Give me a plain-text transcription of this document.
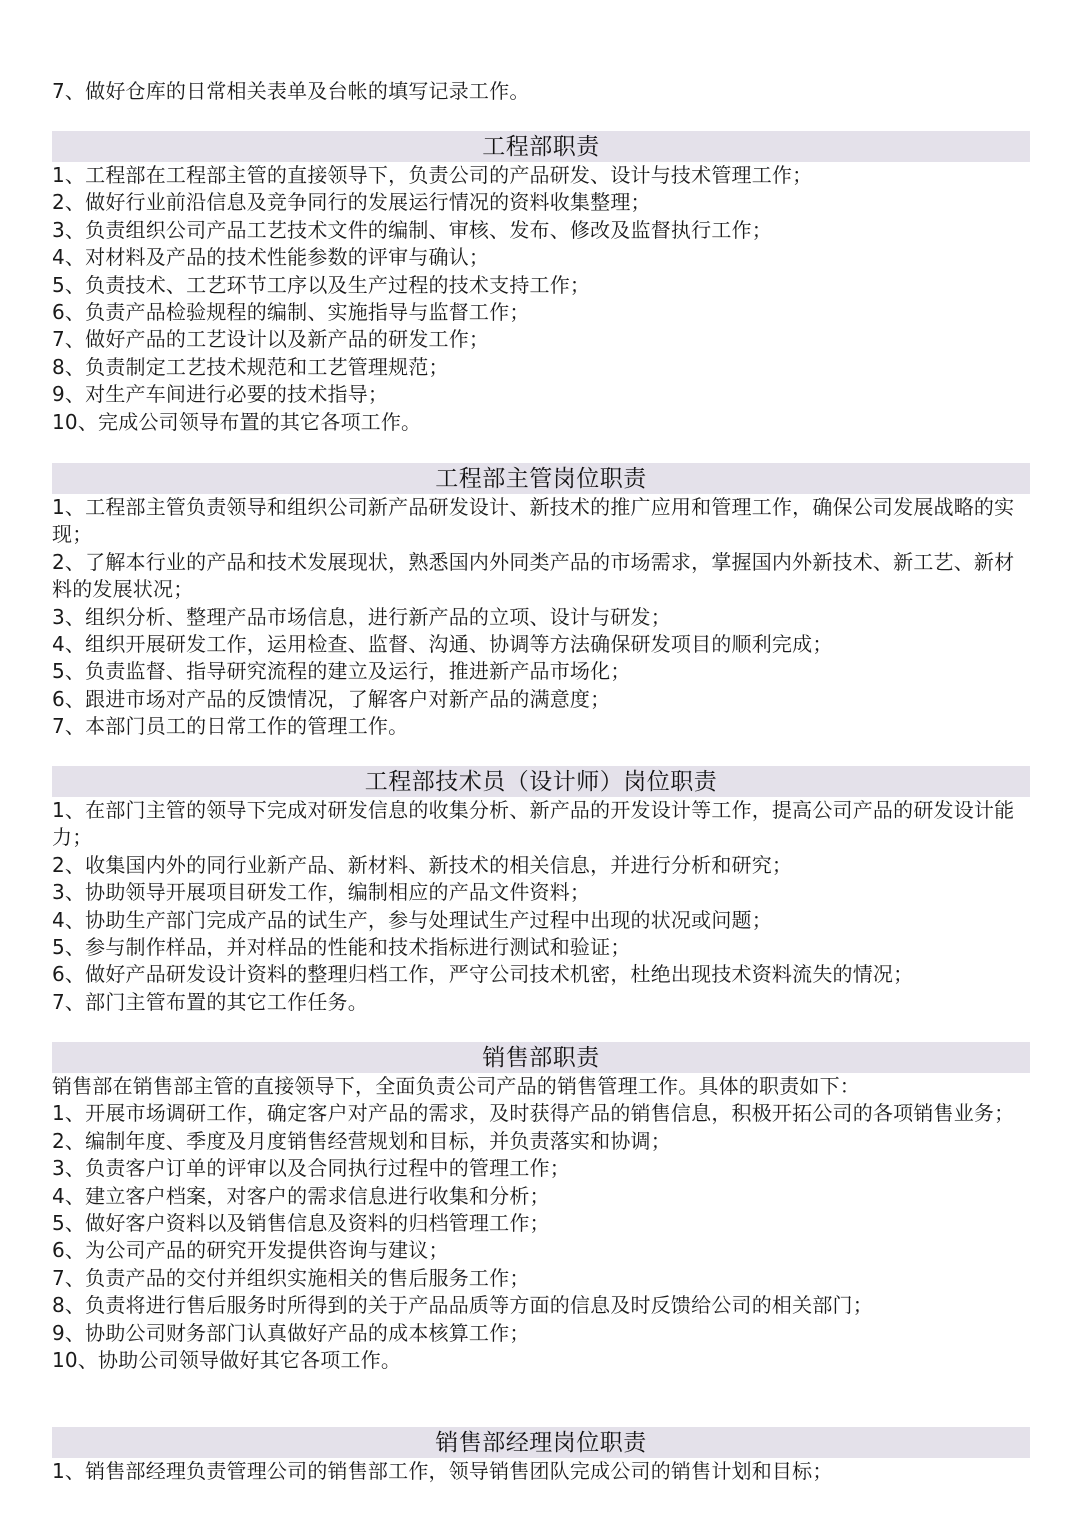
7、做好仓库的日常相关表单及台帐的填写记录工作。
工程部职责
1、工程部在工程部主管的直接领导下，负责公司的产品研发、设计与技术管理工作；
2、做好行业前沿信息及竞争同行的发展运行情况的资料收集整理；
3、负责组织公司产品工艺技术文件的编制、审核、发布、修改及监督执行工作；
4、对材料及产品的技术性能参数的评审与确认；
5、负责技术、工艺环节工序以及生产过程的技术支持工作；
6、负责产品检验规程的编制、实施指导与监督工作；
7、做好产品的工艺设计以及新产品的研发工作；
8、负责制定工艺技术规范和工艺管理规范；
9、对生产车间进行必要的技术指导；
10、完成公司领导布置的其它各项工作。
工程部主管岗位职责
1、工程部主管负责领导和组织公司新产品研发设计、新技术的推广应用和管理工作，确保公司发展战略的实现；
2、了解本行业的产品和技术发展现状，熟悉国内外同类产品的市场需求，掌握国内外新技术、新工艺、新材料的发展状况；
3、组织分析、整理产品市场信息，进行新产品的立项、设计与研发；
4、组织开展研发工作，运用检查、监督、沟通、协调等方法确保研发项目的顺利完成；
5、负责监督、指导研究流程的建立及运行，推进新产品市场化；
6、跟进市场对产品的反馈情况，了解客户对新产品的满意度；
7、本部门员工的日常工作的管理工作。
工程部技术员（设计师）岗位职责
1、在部门主管的领导下完成对研发信息的收集分析、新产品的开发设计等工作，提高公司产品的研发设计能力；
2、收集国内外的同行业新产品、新材料、新技术的相关信息，并进行分析和研究；
3、协助领导开展项目研发工作，编制相应的产品文件资料；
4、协助生产部门完成产品的试生产，参与处理试生产过程中出现的状况或问题；
5、参与制作样品，并对样品的性能和技术指标进行测试和验证；
6、做好产品研发设计资料的整理归档工作，严守公司技术机密，杜绝出现技术资料流失的情况；
7、部门主管布置的其它工作任务。
销售部职责
销售部在销售部主管的直接领导下，全面负责公司产品的销售管理工作。具体的职责如下：
1、开展市场调研工作，确定客户对产品的需求，及时获得产品的销售信息，积极开拓公司的各项销售业务；
2、编制年度、季度及月度销售经营规划和目标，并负责落实和协调；
3、负责客户订单的评审以及合同执行过程中的管理工作；
4、建立客户档案，对客户的需求信息进行收集和分析；
5、做好客户资料以及销售信息及资料的归档管理工作；
6、为公司产品的研究开发提供咨询与建议；
7、负责产品的交付并组织实施相关的售后服务工作；
8、负责将进行售后服务时所得到的关于产品品质等方面的信息及时反馈给公司的相关部门；
9、协助公司财务部门认真做好产品的成本核算工作；
10、协助公司领导做好其它各项工作。
销售部经理岗位职责
1、销售部经理负责管理公司的销售部工作，领导销售团队完成公司的销售计划和目标；
